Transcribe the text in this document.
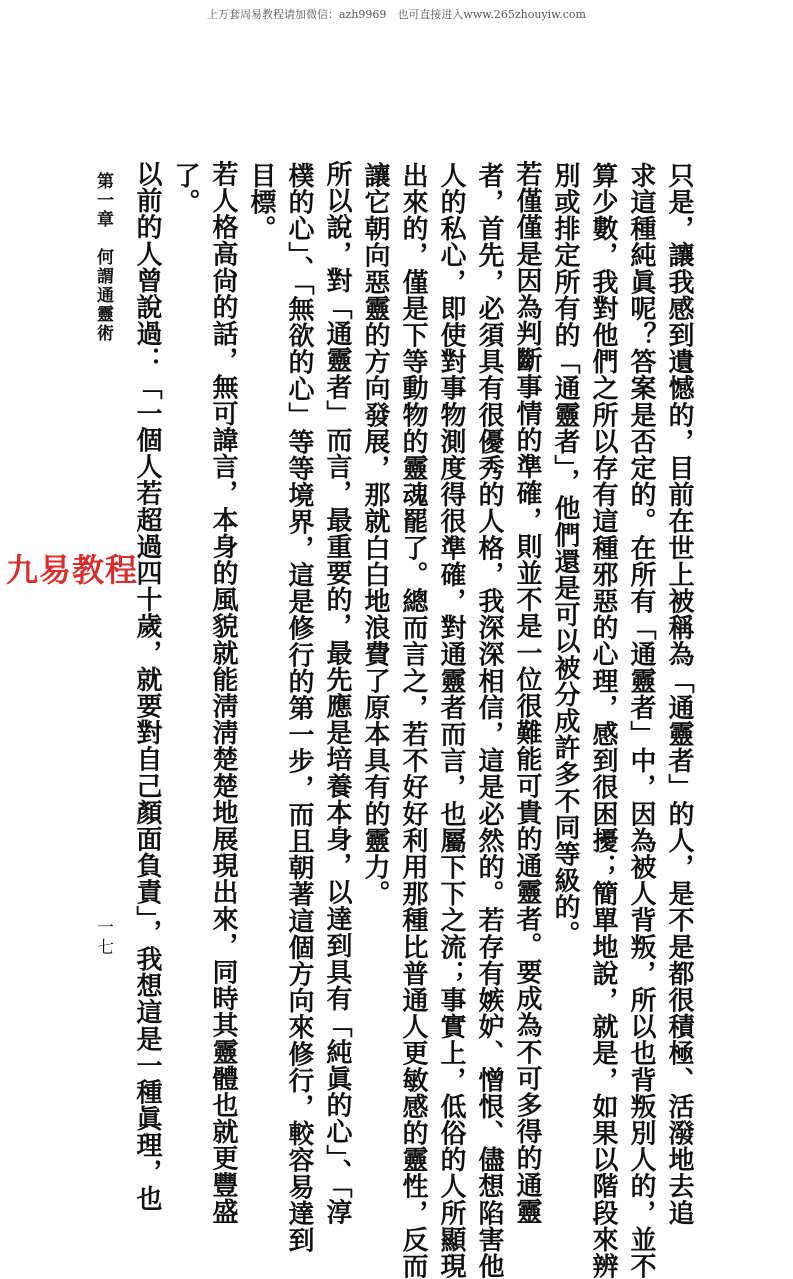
上万套周易教程请加微信：azh9969　也可直接进入www.265zhouyiw.com
只是，讓我感到遺憾的，目前在世上被稱為「通靈者」的人，是不是都很積極、活潑地去追
求這種純眞呢？答案是否定的。在所有「通靈者」中，因為被人背叛，所以也背叛別人的，並不
算少數，我對他們之所以存有這種邪惡的心理，感到很困擾；簡單地說，就是，如果以階段來辨
別或排定所有的「通靈者」，他們還是可以被分成許多不同等級的。
　若僅僅是因為判斷事情的準確，則並不是一位很難能可貴的通靈者。要成為不可多得的通靈
者，首先，必須具有很優秀的人格，我深深相信，這是必然的。若存有嫉妒、憎恨、儘想陷害他
人的私心，即使對事物測度得很準確，對通靈者而言，也屬下下之流；事實上，低俗的人所顯現
出來的，僅是下等動物的靈魂罷了。總而言之，若不好好利用那種比普通人更敏感的靈性，反而
讓它朝向惡靈的方向發展，那就白白地浪費了原本具有的靈力。
　所以說，對「通靈者」而言，最重要的，最先應是培養本身，以達到具有「純眞的心」、「淳
樸的心」、「無欲的心」等等境界，這是修行的第一步，而且朝著這個方向來修行，較容易達到
目標。
　若人格高尙的話，無可諱言，本身的風貌就能淸淸楚楚地展現出來，同時其靈體也就更豐盛
了。
　以前的人曾說過：「一個人若超過四十歲，就要對自己顏面負責」，我想這是一種眞理，也
第一章　何謂通靈術
一七
九易教程
